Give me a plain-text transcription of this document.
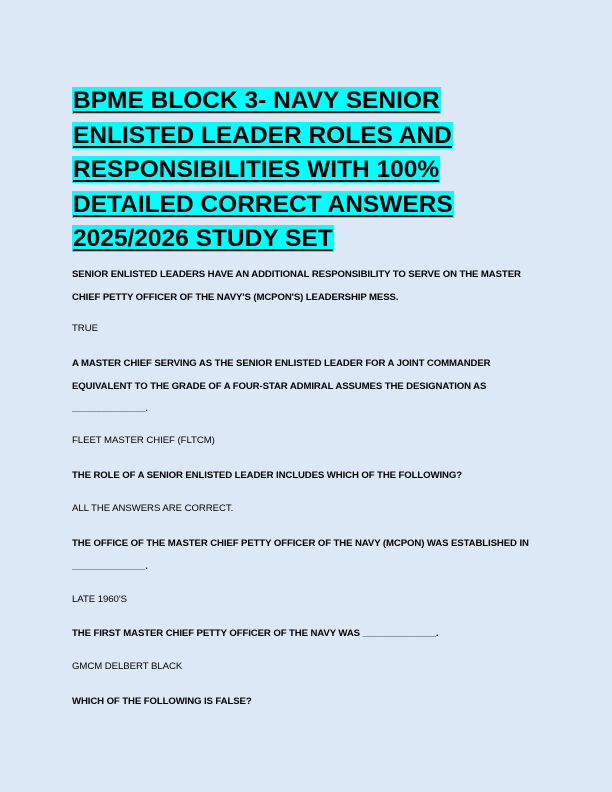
BPME BLOCK 3- NAVY SENIOR ENLISTED LEADER ROLES AND RESPONSIBILITIES WITH 100% DETAILED CORRECT ANSWERS 2025/2026 STUDY SET

SENIOR ENLISTED LEADERS HAVE AN ADDITIONAL RESPONSIBILITY TO SERVE ON THE MASTER CHIEF PETTY OFFICER OF THE NAVY'S (MCPON'S) LEADERSHIP MESS.

TRUE

A MASTER CHIEF SERVING AS THE SENIOR ENLISTED LEADER FOR A JOINT COMMANDER EQUIVALENT TO THE GRADE OF A FOUR-STAR ADMIRAL ASSUMES THE DESIGNATION AS ______________.

FLEET MASTER CHIEF (FLTCM)

THE ROLE OF A SENIOR ENLISTED LEADER INCLUDES WHICH OF THE FOLLOWING?

ALL THE ANSWERS ARE CORRECT.

THE OFFICE OF THE MASTER CHIEF PETTY OFFICER OF THE NAVY (MCPON) WAS ESTABLISHED IN ______________.

LATE 1960'S

THE FIRST MASTER CHIEF PETTY OFFICER OF THE NAVY WAS ______________.

GMCM DELBERT BLACK

WHICH OF THE FOLLOWING IS FALSE?
